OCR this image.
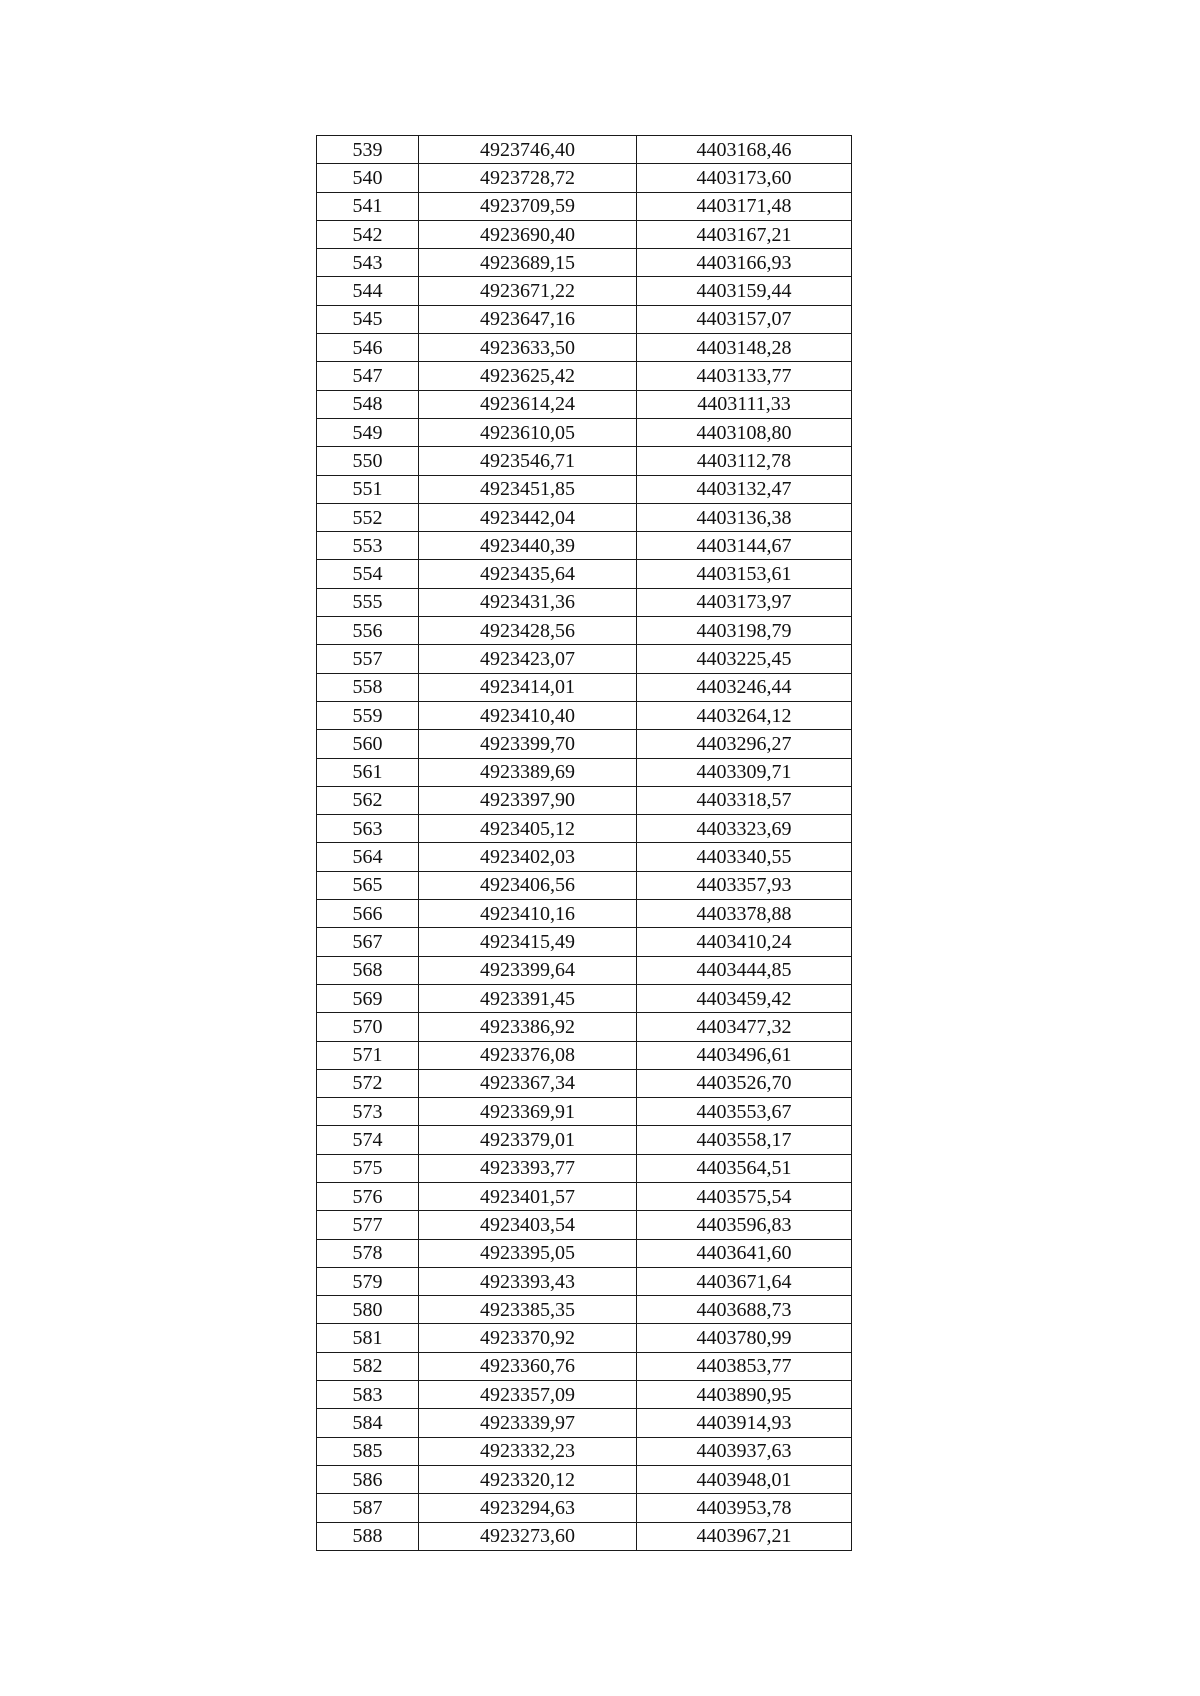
539	4923746,40	4403168,46
540	4923728,72	4403173,60
541	4923709,59	4403171,48
542	4923690,40	4403167,21
543	4923689,15	4403166,93
544	4923671,22	4403159,44
545	4923647,16	4403157,07
546	4923633,50	4403148,28
547	4923625,42	4403133,77
548	4923614,24	4403111,33
549	4923610,05	4403108,80
550	4923546,71	4403112,78
551	4923451,85	4403132,47
552	4923442,04	4403136,38
553	4923440,39	4403144,67
554	4923435,64	4403153,61
555	4923431,36	4403173,97
556	4923428,56	4403198,79
557	4923423,07	4403225,45
558	4923414,01	4403246,44
559	4923410,40	4403264,12
560	4923399,70	4403296,27
561	4923389,69	4403309,71
562	4923397,90	4403318,57
563	4923405,12	4403323,69
564	4923402,03	4403340,55
565	4923406,56	4403357,93
566	4923410,16	4403378,88
567	4923415,49	4403410,24
568	4923399,64	4403444,85
569	4923391,45	4403459,42
570	4923386,92	4403477,32
571	4923376,08	4403496,61
572	4923367,34	4403526,70
573	4923369,91	4403553,67
574	4923379,01	4403558,17
575	4923393,77	4403564,51
576	4923401,57	4403575,54
577	4923403,54	4403596,83
578	4923395,05	4403641,60
579	4923393,43	4403671,64
580	4923385,35	4403688,73
581	4923370,92	4403780,99
582	4923360,76	4403853,77
583	4923357,09	4403890,95
584	4923339,97	4403914,93
585	4923332,23	4403937,63
586	4923320,12	4403948,01
587	4923294,63	4403953,78
588	4923273,60	4403967,21
